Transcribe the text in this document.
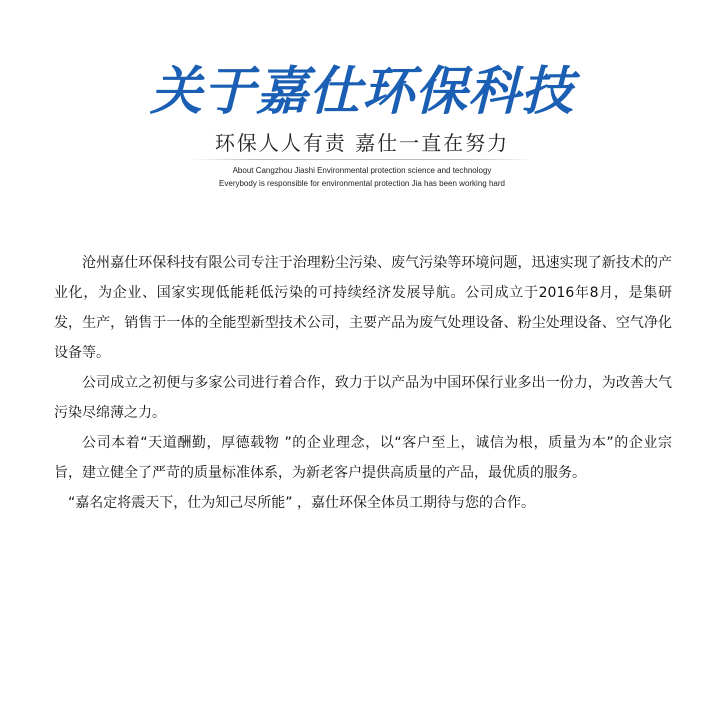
关于嘉仕环保科技
环保人人有责 嘉仕一直在努力
About Cangzhou Jiashi Environmental protection science and technology
Everybody is responsible for environmental protection Jia has been working hard

沧州嘉仕环保科技有限公司专注于治理粉尘污染、废气污染等环境问题，迅速实现了新技术的产业化，为企业、国家实现低能耗低污染的可持续经济发展导航。公司成立于2016年8月，是集研发，生产，销售于一体的全能型新型技术公司，主要产品为废气处理设备、粉尘处理设备、空气净化设备等。

公司成立之初便与多家公司进行着合作，致力于以产品为中国环保行业多出一份力，为改善大气污染尽绵薄之力。

公司本着“天道酬勤，厚德载物 ”的企业理念，以“客户至上，诚信为根，质量为本”的企业宗旨，建立健全了严苛的质量标准体系，为新老客户提供高质量的产品，最优质的服务。

“嘉名定将震天下，仕为知己尽所能” ，嘉仕环保全体员工期待与您的合作。
